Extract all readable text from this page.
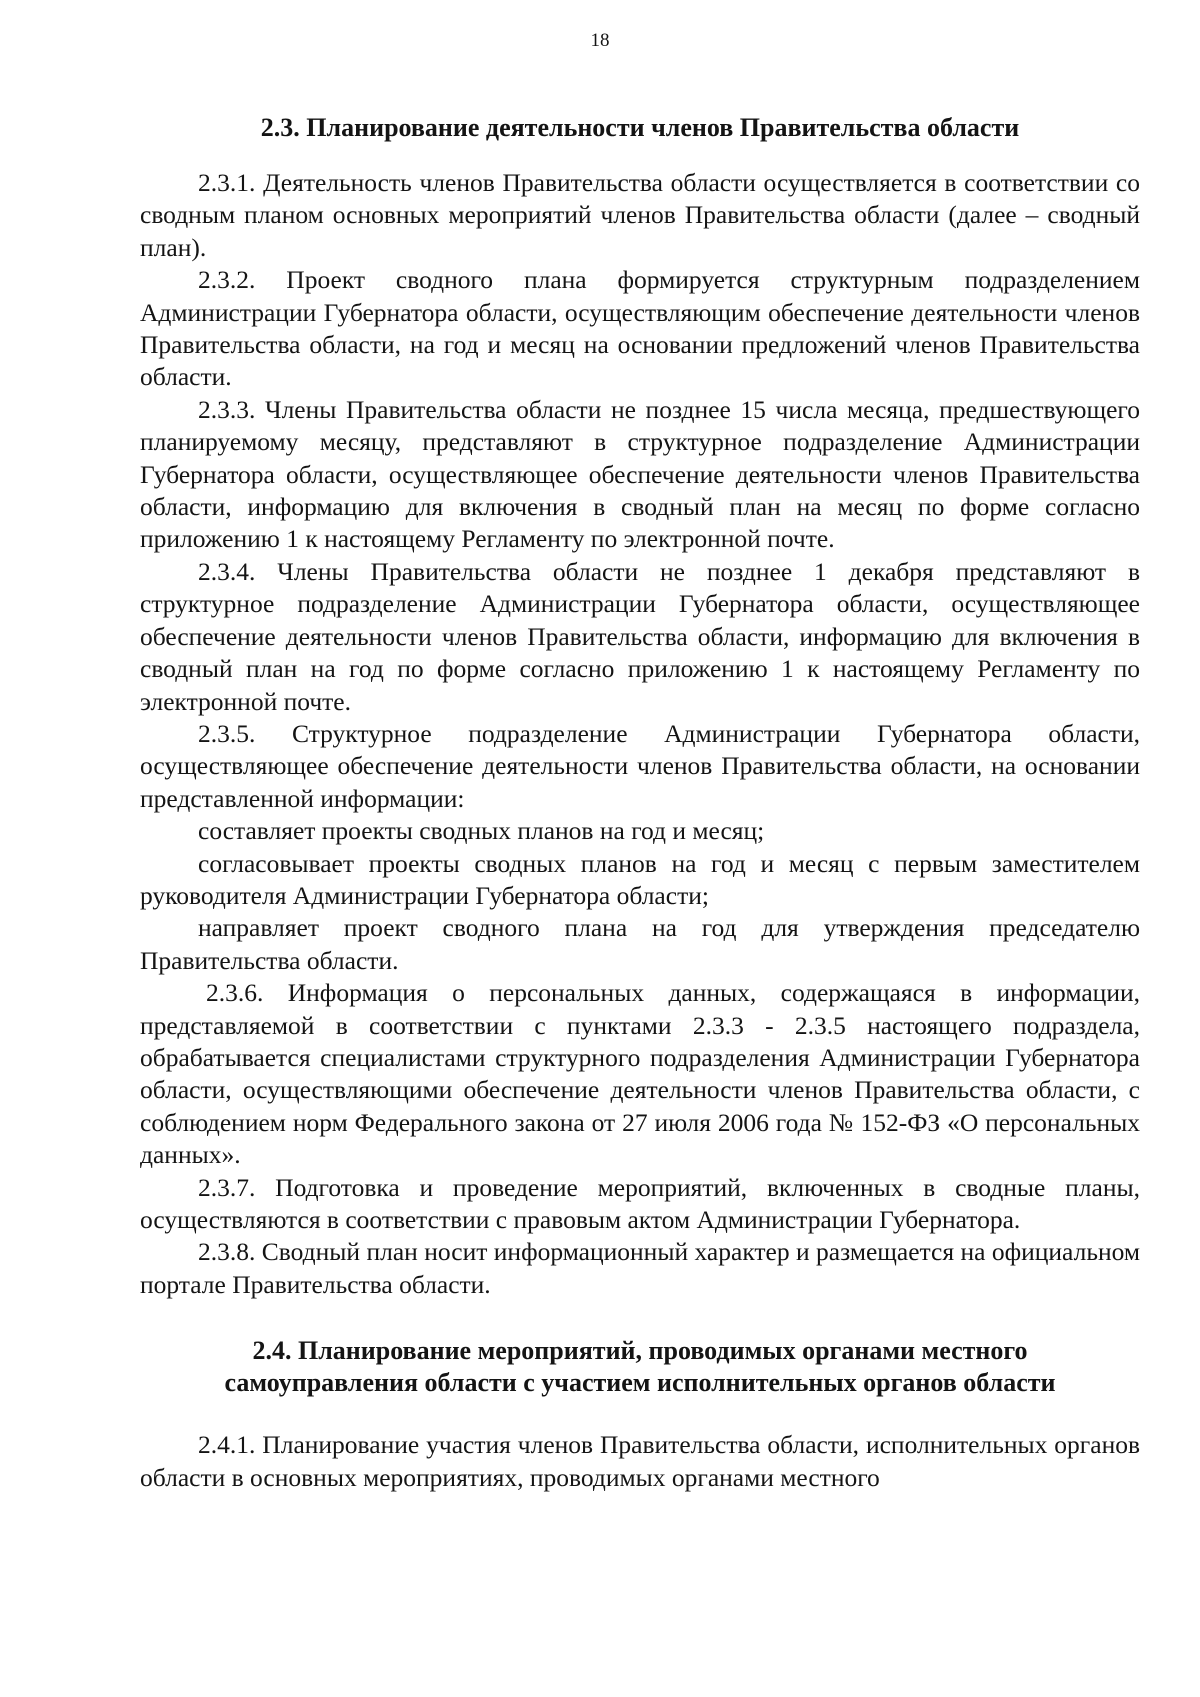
18
2.3. Планирование деятельности членов Правительства области

2.3.1. Деятельность членов Правительства области осуществляется в соответствии со сводным планом основных мероприятий членов Правительства области (далее – сводный план).

2.3.2. Проект сводного плана формируется структурным подразделением Администрации Губернатора области, осуществляющим обеспечение деятельности членов Правительства области, на год и месяц на основании предложений членов Правительства области.

2.3.3. Члены Правительства области не позднее 15 числа месяца, предшествующего планируемому месяцу, представляют в структурное подразделение Администрации Губернатора области, осуществляющее обеспечение деятельности членов Правительства области, информацию для включения в сводный план на месяц по форме согласно приложению 1 к настоящему Регламенту по электронной почте.

2.3.4. Члены Правительства области не позднее 1 декабря представляют в структурное подразделение Администрации Губернатора области, осуществляющее обеспечение деятельности членов Правительства области, информацию для включения в сводный план на год по форме согласно приложению 1 к настоящему Регламенту по электронной почте.

2.3.5. Структурное подразделение Администрации Губернатора области, осуществляющее обеспечение деятельности членов Правительства области, на основании представленной информации:

составляет проекты сводных планов на год и месяц;

согласовывает проекты сводных планов на год и месяц с первым заместителем руководителя Администрации Губернатора области;

направляет проект сводного плана на год для утверждения председателю Правительства области.

2.3.6. Информация о персональных данных, содержащаяся в информации, представляемой в соответствии с пунктами 2.3.3 - 2.3.5 настоящего подраздела, обрабатывается специалистами структурного подразделения Администрации Губернатора области, осуществляющими обеспечение деятельности членов Правительства области, с соблюдением норм Федерального закона от 27 июля 2006 года № 152-ФЗ «О персональных данных».

2.3.7. Подготовка и проведение мероприятий, включенных в сводные планы, осуществляются в соответствии с правовым актом Администрации Губернатора.

2.3.8. Сводный план носит информационный характер и размещается на официальном портале Правительства области.

2.4. Планирование мероприятий, проводимых органами местного
самоуправления области с участием исполнительных органов области

2.4.1. Планирование участия членов Правительства области, исполнительных органов области в основных мероприятиях, проводимых органами местного
